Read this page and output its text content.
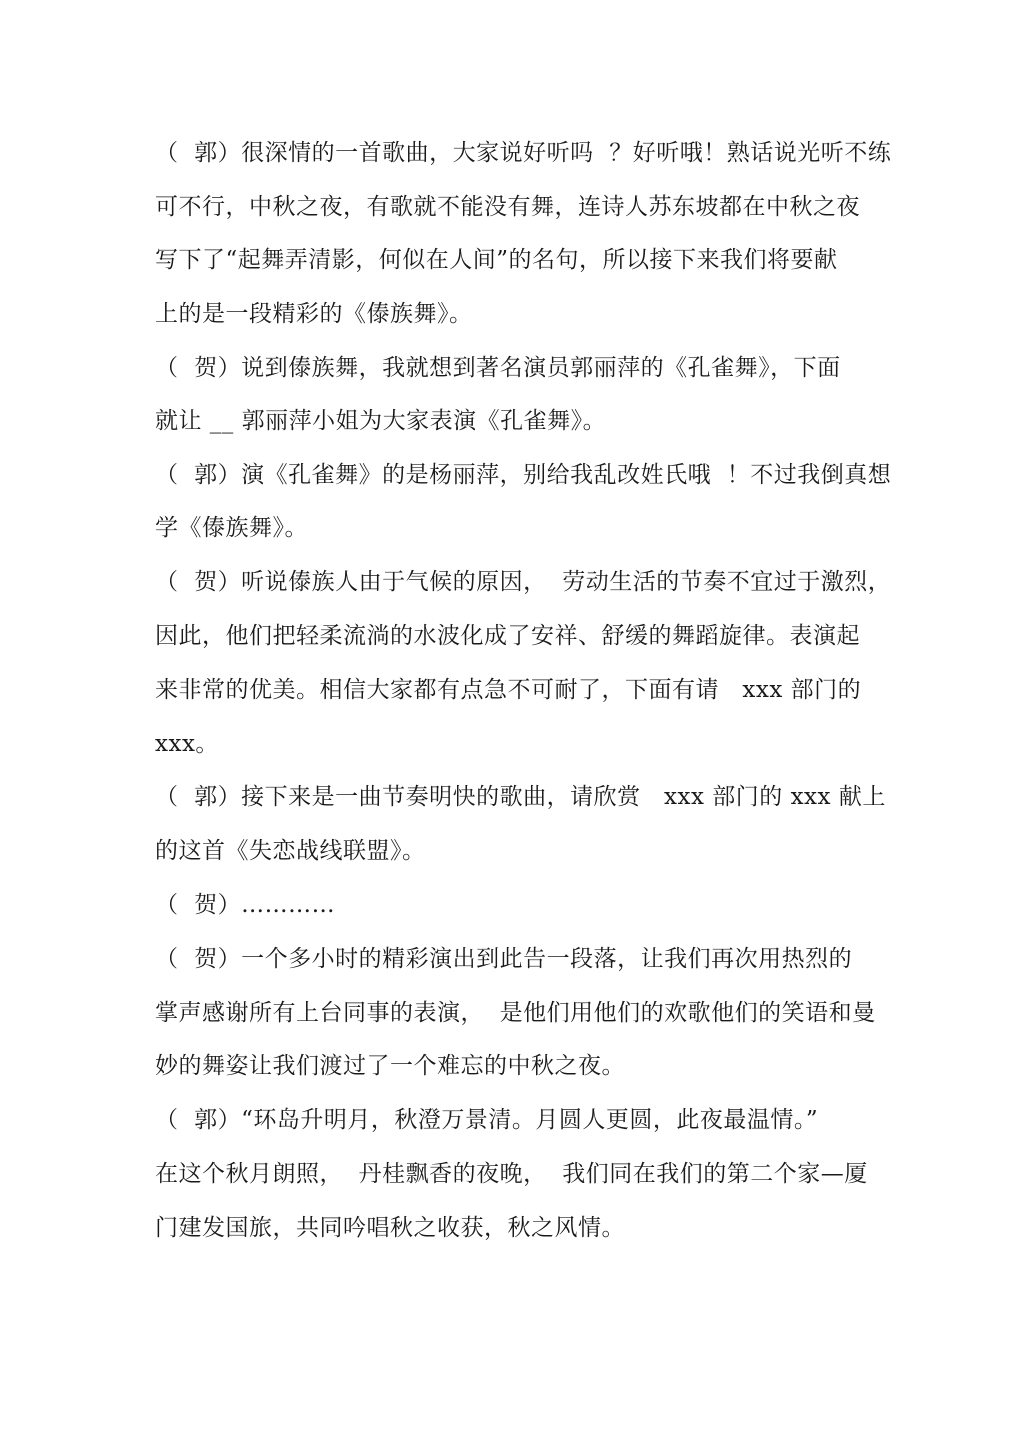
（  郭）很深情的一首歌曲，大家说好听吗  ？好听哦！熟话说光听不练
可不行，中秋之夜，有歌就不能没有舞，连诗人苏东坡都在中秋之夜
写下了“起舞弄清影，何似在人间”的名句，所以接下来我们将要献
上的是一段精彩的《傣族舞》。
（  贺）说到傣族舞，我就想到著名演员郭丽萍的《孔雀舞》，下面
就让 __ 郭丽萍小姐为大家表演《孔雀舞》。
（  郭）演《孔雀舞》的是杨丽萍，别给我乱改姓氏哦  ！不过我倒真想
学《傣族舞》。
（  贺）听说傣族人由于气候的原因，  劳动生活的节奏不宜过于激烈，
因此，他们把轻柔流淌的水波化成了安祥、舒缓的舞蹈旋律。表演起
来非常的优美。相信大家都有点急不可耐了，下面有请   xxx 部门的
xxx。
（  郭）接下来是一曲节奏明快的歌曲，请欣赏   xxx 部门的 xxx 献上
的这首《失恋战线联盟》。
（  贺）…………
（  贺）一个多小时的精彩演出到此告一段落，让我们再次用热烈的
掌声感谢所有上台同事的表演，  是他们用他们的欢歌他们的笑语和曼
妙的舞姿让我们渡过了一个难忘的中秋之夜。
（  郭）“环岛升明月，秋澄万景清。月圆人更圆，此夜最温情。”
在这个秋月朗照，  丹桂飘香的夜晚，  我们同在我们的第二个家—厦
门建发国旅，共同吟唱秋之收获，秋之风情。
